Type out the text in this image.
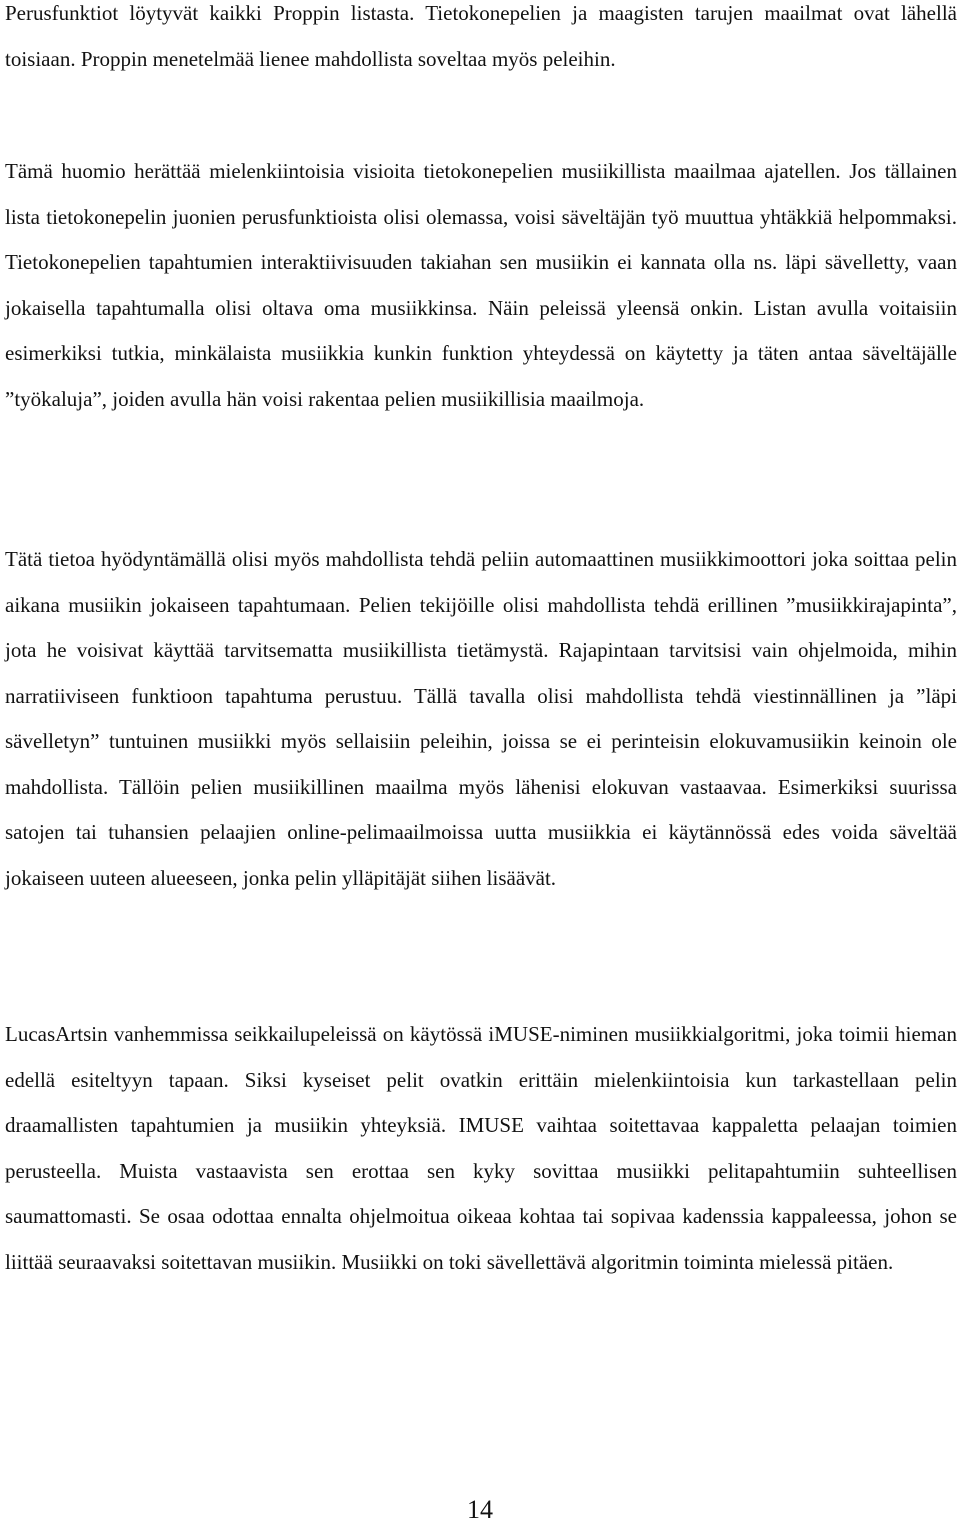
Perusfunktiot löytyvät kaikki Proppin listasta. Tietokonepelien ja maagisten tarujen maailmat ovat lähellä toisiaan. Proppin menetelmää lienee mahdollista soveltaa myös peleihin.

Tämä huomio herättää mielenkiintoisia visioita tietokonepelien musiikillista maailmaa ajatellen. Jos tällainen lista tietokonepelin juonien perusfunktioista olisi olemassa, voisi säveltäjän työ muuttua yhtäkkiä helpommaksi. Tietokonepelien tapahtumien interaktiivisuuden takiahan sen musiikin ei kannata olla ns. läpi sävelletty, vaan jokaisella tapahtumalla olisi oltava oma musiikkinsa. Näin peleissä yleensä onkin. Listan avulla voitaisiin esimerkiksi tutkia, minkälaista musiikkia kunkin funktion yhteydessä on käytetty ja täten antaa säveltäjälle ”työkaluja”, joiden avulla hän voisi rakentaa pelien musiikillisia maailmoja.

Tätä tietoa hyödyntämällä olisi myös mahdollista tehdä peliin automaattinen musiikkimoottori joka soittaa pelin aikana musiikin jokaiseen tapahtumaan. Pelien tekijöille olisi mahdollista tehdä erillinen ”musiikkirajapinta”, jota he voisivat käyttää tarvitsematta musiikillista tietämystä. Rajapintaan tarvitsisi vain ohjelmoida, mihin narratiiviseen funktioon tapahtuma perustuu. Tällä tavalla olisi mahdollista tehdä viestinnällinen ja ”läpi sävelletyn” tuntuinen musiikki myös sellaisiin peleihin, joissa se ei perinteisin elokuvamusiikin keinoin ole mahdollista. Tällöin pelien musiikillinen maailma myös lähenisi elokuvan vastaavaa. Esimerkiksi suurissa satojen tai tuhansien pelaajien online-pelimaailmoissa uutta musiikkia ei käytännössä edes voida säveltää jokaiseen uuteen alueeseen, jonka pelin ylläpitäjät siihen lisäävät.

LucasArtsin vanhemmissa seikkailupeleissä on käytössä iMUSE-niminen musiikkialgoritmi, joka toimii hieman edellä esiteltyyn tapaan. Siksi kyseiset pelit ovatkin erittäin mielenkiintoisia kun tarkastellaan pelin draamallisten tapahtumien ja musiikin yhteyksiä. IMUSE vaihtaa soitettavaa kappaletta pelaajan toimien perusteella. Muista vastaavista sen erottaa sen kyky sovittaa musiikki pelitapahtumiin suhteellisen saumattomasti. Se osaa odottaa ennalta ohjelmoitua oikeaa kohtaa tai sopivaa kadenssia kappaleessa, johon se liittää seuraavaksi soitettavan musiikin. Musiikki on toki sävellettävä algoritmin toiminta mielessä pitäen.

14
